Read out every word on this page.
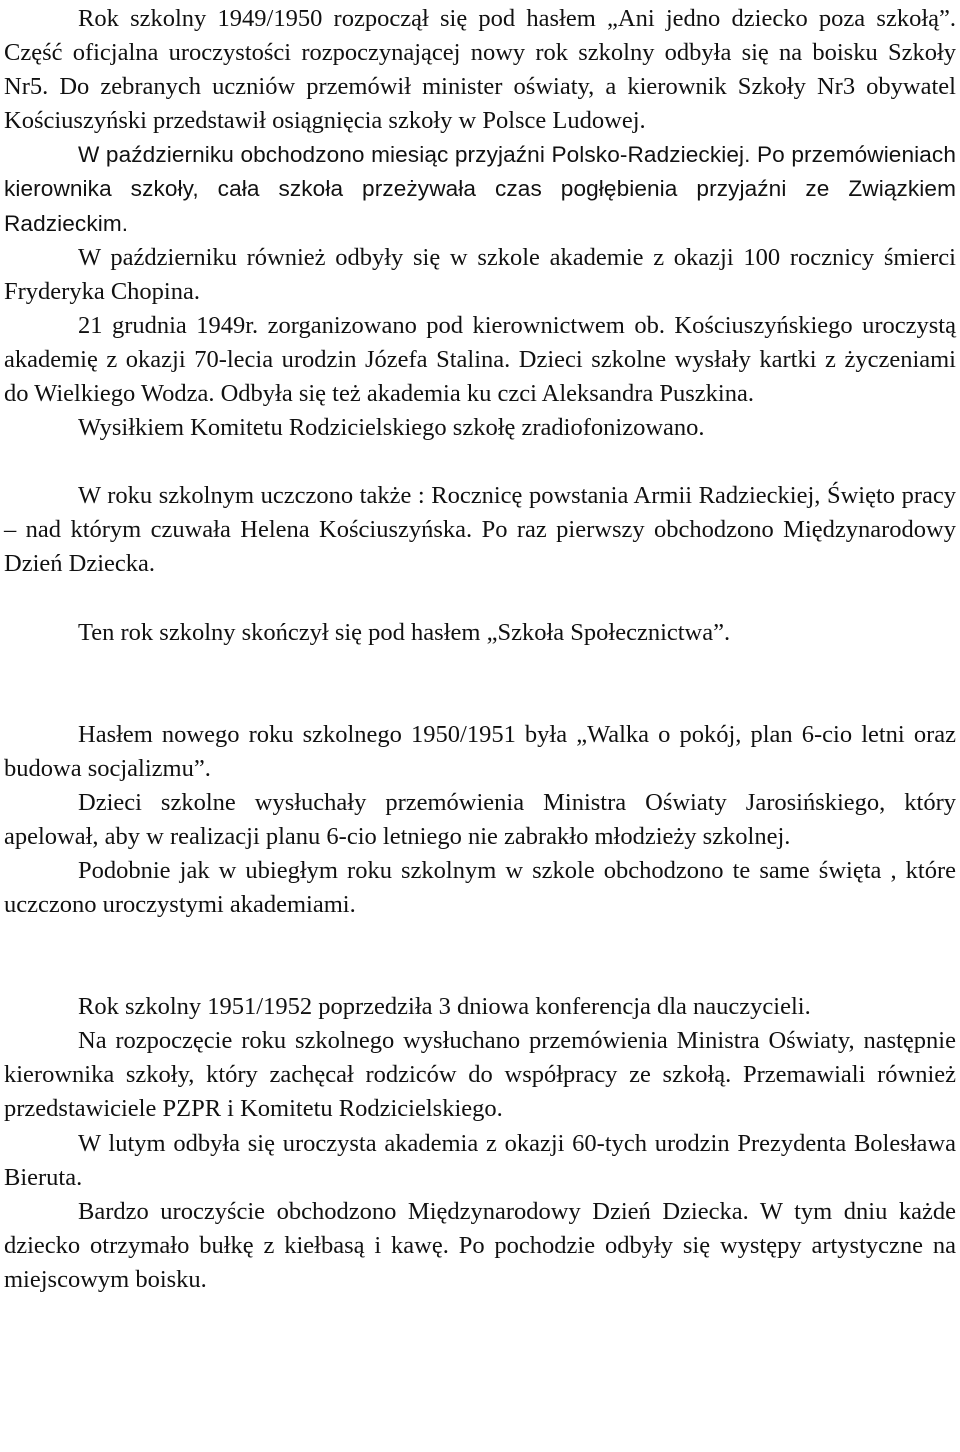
Rok szkolny 1949/1950 rozpoczął się pod hasłem „Ani jedno dziecko poza szkołą”. Część oficjalna uroczystości rozpoczynającej nowy rok szkolny odbyła się na boisku Szkoły Nr5. Do zebranych uczniów przemówił minister oświaty, a kierownik Szkoły Nr3 obywatel Kościuszyński przedstawił osiągnięcia szkoły w Polsce Ludowej.

W październiku obchodzono miesiąc przyjaźni Polsko-Radzieckiej. Po przemówieniach kierownika szkoły, cała szkoła przeżywała czas pogłębienia przyjaźni ze Związkiem Radzieckim.

W październiku również odbyły się w szkole akademie z okazji 100 rocznicy śmierci Fryderyka Chopina.

21 grudnia 1949r. zorganizowano pod kierownictwem ob. Kościuszyńskiego uroczystą akademię z okazji 70-lecia urodzin Józefa Stalina. Dzieci szkolne wysłały kartki z życzeniami do Wielkiego Wodza. Odbyła się też akademia ku czci Aleksandra Puszkina.

Wysiłkiem Komitetu Rodzicielskiego szkołę zradiofonizowano.

W roku szkolnym uczczono także : Rocznicę powstania Armii Radzieckiej, Święto pracy – nad którym czuwała Helena Kościuszyńska. Po raz pierwszy obchodzono Międzynarodowy Dzień Dziecka.

Ten rok szkolny skończył się pod hasłem „Szkoła Społecznictwa”.

Hasłem nowego roku szkolnego 1950/1951 była „Walka o pokój, plan 6-cio letni oraz budowa socjalizmu”.

Dzieci szkolne wysłuchały przemówienia Ministra Oświaty Jarosińskiego, który apelował, aby w realizacji planu 6-cio letniego nie zabrakło młodzieży szkolnej.

Podobnie jak w ubiegłym roku szkolnym w szkole obchodzono te same święta , które uczczono uroczystymi akademiami.

Rok szkolny 1951/1952 poprzedziła 3 dniowa konferencja dla nauczycieli.

Na rozpoczęcie roku szkolnego wysłuchano przemówienia Ministra Oświaty, następnie kierownika szkoły, który zachęcał rodziców do współpracy ze szkołą. Przemawiali również przedstawiciele PZPR i Komitetu Rodzicielskiego.

W lutym odbyła się uroczysta akademia z okazji 60-tych urodzin Prezydenta Bolesława Bieruta.

Bardzo uroczyście obchodzono Międzynarodowy Dzień Dziecka. W tym dniu każde dziecko otrzymało bułkę z kiełbasą i kawę. Po pochodzie odbyły się występy artystyczne na miejscowym boisku.
